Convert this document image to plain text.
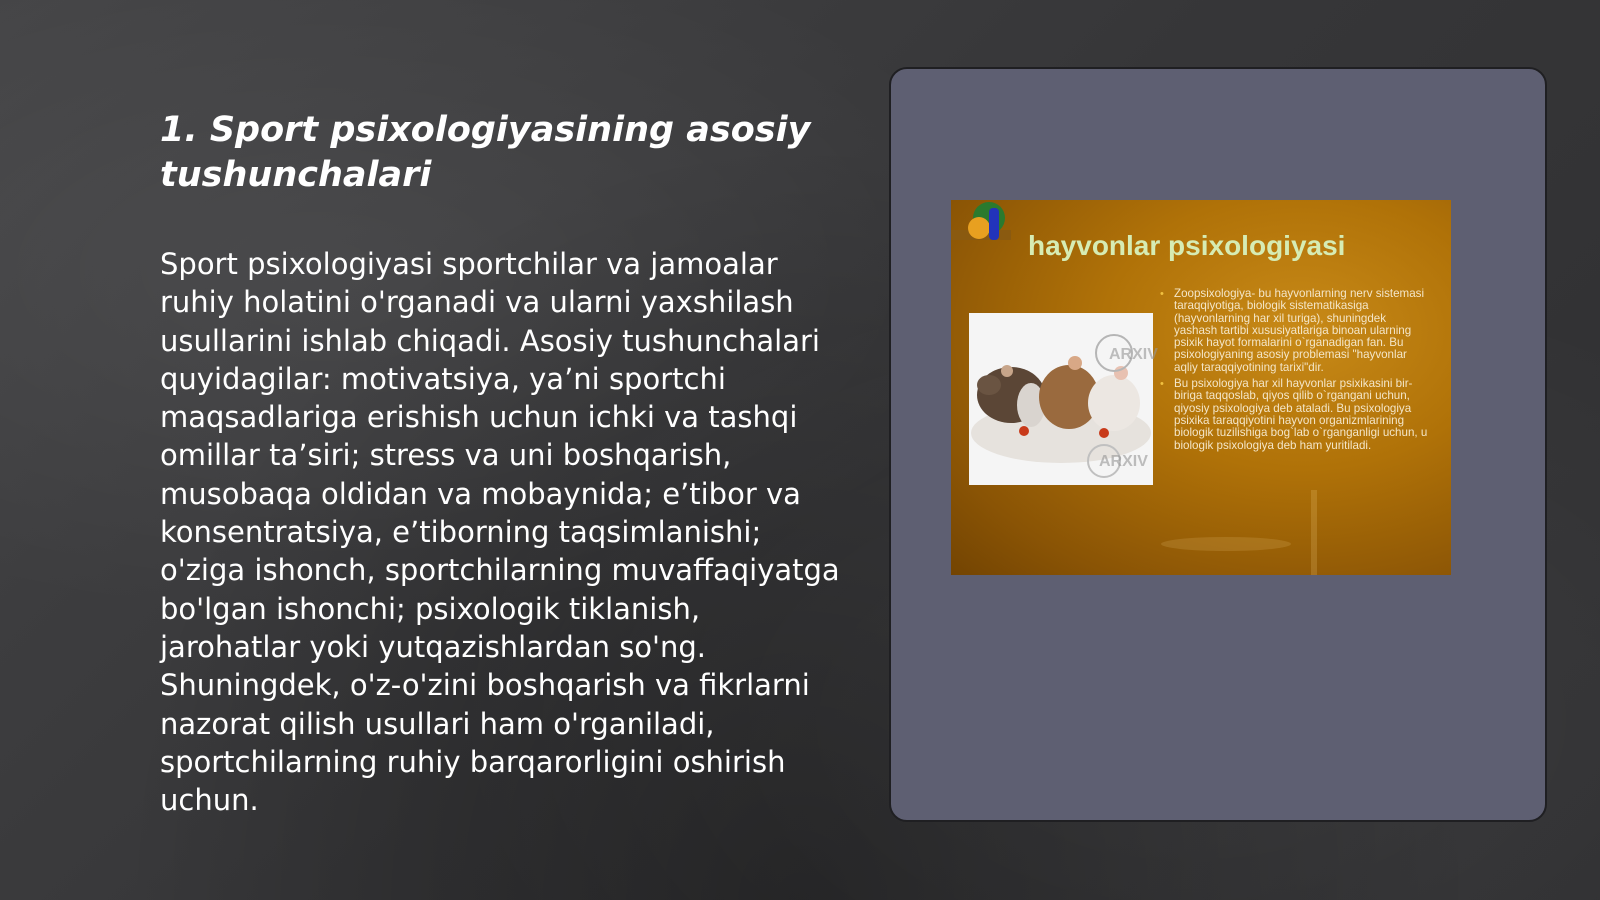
1. Sport psixologiyasining asosiy tushunchalari

Sport psixologiyasi sportchilar va jamoalar ruhiy holatini o'rganadi va ularni yaxshilash usullarini ishlab chiqadi. Asosiy tushunchalari quyidagilar: motivatsiya, ya’ni sportchi maqsadlariga erishish uchun ichki va tashqi omillar ta’siri; stress va uni boshqarish, musobaqa oldidan va mobaynida; e’tibor va konsentratsiya, e’tiborning taqsimlanishi; o'ziga ishonch, sportchilarning muvaffaqiyatga bo'lgan ishonchi; psixologik tiklanish, jarohatlar yoki yutqazishlardan so'ng. Shuningdek, o'z-o'zini boshqarish va fikrlarni nazorat qilish usullari ham o'rganiladi, sportchilarning ruhiy barqarorligini oshirish uchun.

hayvonlar psixologiyasi
ARXIV
ARXIV
• Zoopsixologiya- bu hayvonlarning nerv sistemasi taraqqiyotiga, biologik sistematikasiga (hayvonlarning har xil turiga), shuningdek yashash tartibi xususiyatlariga binoan ularning psixik hayot formalarini o`rganadigan fan. Bu psixologiyaning asosiy problemasi "hayvonlar aqliy taraqqiyotining tarixi"dir.
• Bu psixologiya har xil hayvonlar psixikasini bir-biriga taqqoslab, qiyos qilib o`rgangani uchun, qiyosiy psixologiya deb ataladi. Bu psixologiya psixika taraqqiyotini hayvon organizmlarining biologik tuzilishiga bog`lab o`rganganligi uchun, u biologik psixologiya deb ham yuritiladi.
